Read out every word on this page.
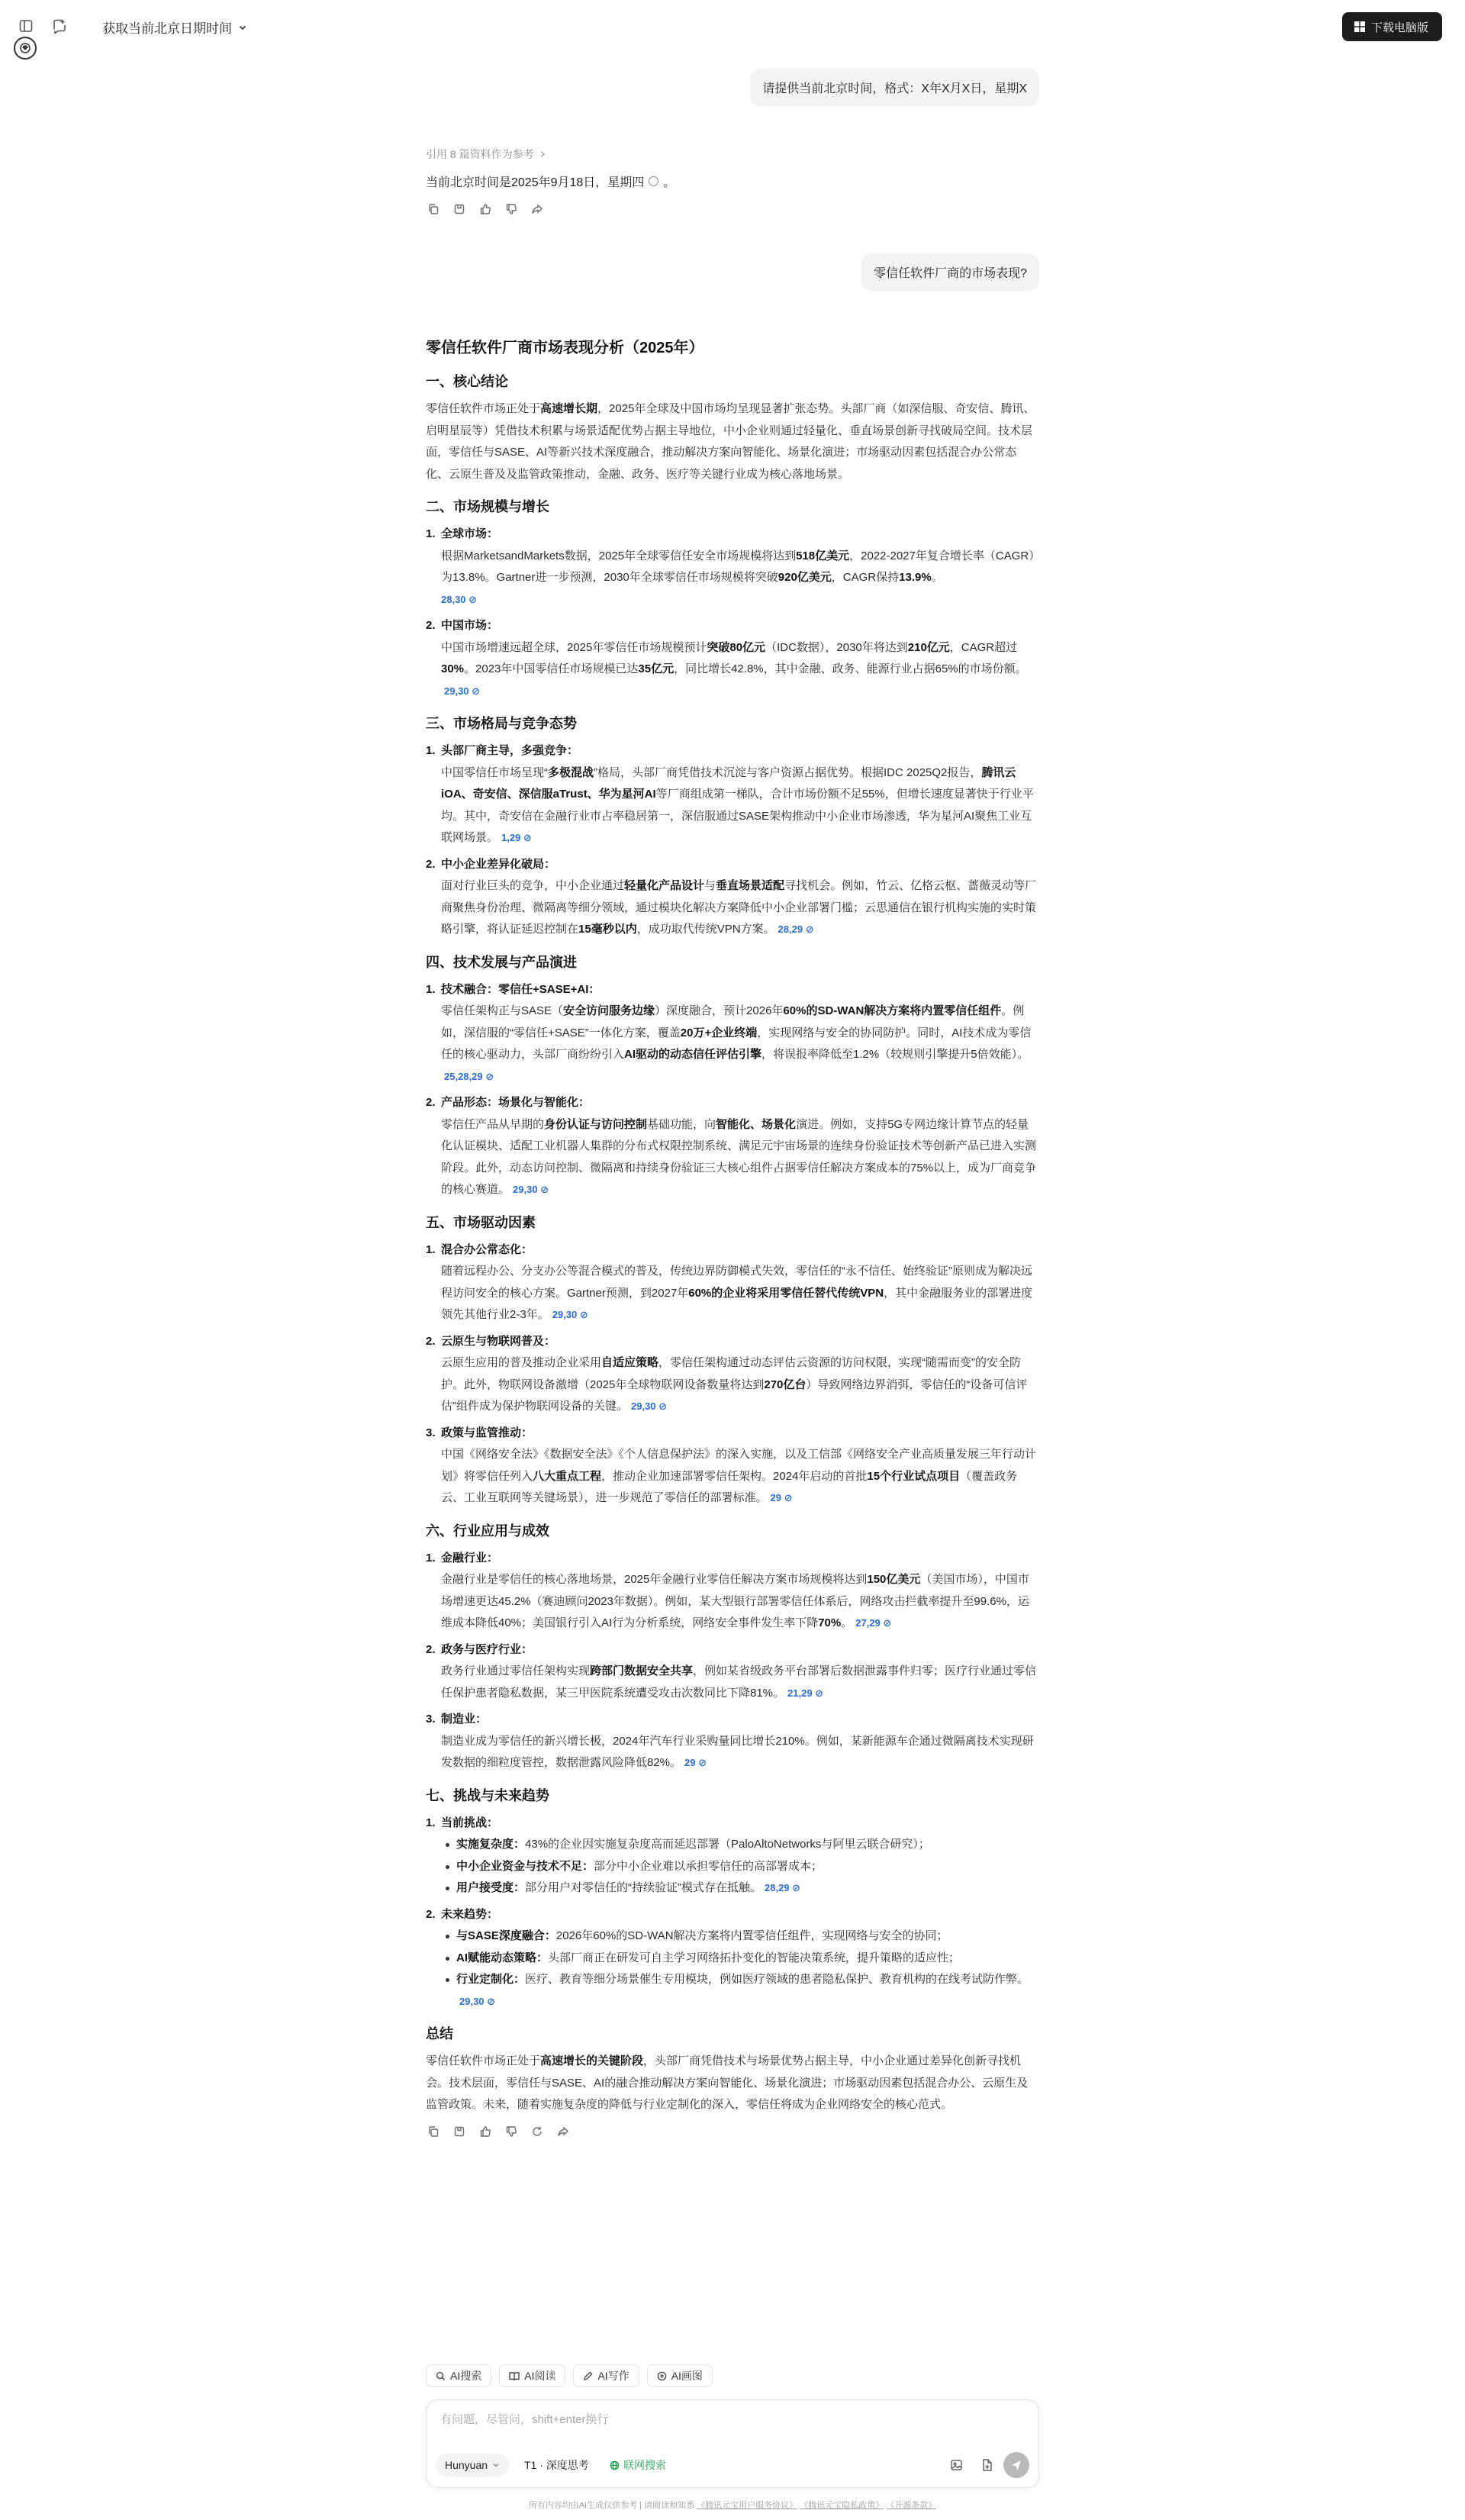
获取当前北京日期时间	下载电脑版
请提供当前北京时间，格式：X年X月X日，星期X
引用 8 篇资料作为参考
当前北京时间是2025年9月18日，星期四 。
零信任软件厂商的市场表现?
零信任软件厂商市场表现分析（2025年）
一、核心结论

零信任软件市场正处于高速增长期，2025年全球及中国市场均呈现显著扩张态势。头部厂商（如深信服、奇安信、腾讯、启明星辰等）凭借技术积累与场景适配优势占据主导地位，中小企业则通过轻量化、垂直场景创新寻找破局空间。技术层面，零信任与SASE、AI等新兴技术深度融合，推动解决方案向智能化、场景化演进；市场驱动因素包括混合办公常态化、云原生普及及监管政策推动，金融、政务、医疗等关键行业成为核心落地场景。

二、市场规模与增长
1. 全球市场：
根据MarketsandMarkets数据，2025年全球零信任安全市场规模将达到518亿美元，2022-2027年复合增长率（CAGR）为13.8%。Gartner进一步预测，2030年全球零信任市场规模将突破920亿美元，CAGR保持13.9%。
28,30 ⊘
2. 中国市场：
中国市场增速远超全球，2025年零信任市场规模预计突破80亿元（IDC数据），2030年将达到210亿元，CAGR超过30%。2023年中国零信任市场规模已达35亿元，同比增长42.8%，其中金融、政务、能源行业占据65%的市场份额。29,30 ⊘
三、市场格局与竞争态势
1. 头部厂商主导，多强竞争：
中国零信任市场呈现“多极混战”格局，头部厂商凭借技术沉淀与客户资源占据优势。根据IDC 2025Q2报告，腾讯云iOA、奇安信、深信服aTrust、华为星河AI等厂商组成第一梯队，合计市场份额不足55%，但增长速度显著快于行业平均。其中，奇安信在金融行业市占率稳居第一，深信服通过SASE架构推动中小企业市场渗透，华为星河AI聚焦工业互联网场景。 1,29 ⊘
2. 中小企业差异化破局：
面对行业巨头的竞争，中小企业通过轻量化产品设计与垂直场景适配寻找机会。例如，竹云、亿格云枢、蔷薇灵动等厂商聚焦身份治理、微隔离等细分领域，通过模块化解决方案降低中小企业部署门槛；云思通信在银行机构实施的实时策略引擎，将认证延迟控制在15毫秒以内，成功取代传统VPN方案。 28,29 ⊘
四、技术发展与产品演进
1. 技术融合：零信任+SASE+AI：
零信任架构正与SASE（安全访问服务边缘）深度融合，预计2026年60%的SD-WAN解决方案将内置零信任组件。例如，深信服的“零信任+SASE”一体化方案，覆盖20万+企业终端，实现网络与安全的协同防护。同时，AI技术成为零信任的核心驱动力，头部厂商纷纷引入AI驱动的动态信任评估引擎，将误报率降低至1.2%（较规则引擎提升5倍效能）。25,28,29 ⊘
2. 产品形态：场景化与智能化：
零信任产品从早期的身份认证与访问控制基础功能，向智能化、场景化演进。例如，支持5G专网边缘计算节点的轻量化认证模块、适配工业机器人集群的分布式权限控制系统、满足元宇宙场景的连续身份验证技术等创新产品已进入实测阶段。此外，动态访问控制、微隔离和持续身份验证三大核心组件占据零信任解决方案成本的75%以上，成为厂商竞争的核心赛道。 29,30 ⊘
五、市场驱动因素
1. 混合办公常态化：
随着远程办公、分支办公等混合模式的普及，传统边界防御模式失效，零信任的“永不信任、始终验证”原则成为解决远程访问安全的核心方案。Gartner预测，到2027年60%的企业将采用零信任替代传统VPN，其中金融服务业的部署进度领先其他行业2-3年。 29,30 ⊘
2. 云原生与物联网普及：
云原生应用的普及推动企业采用自适应策略，零信任架构通过动态评估云资源的访问权限，实现“随需而变”的安全防护。此外，物联网设备激增（2025年全球物联网设备数量将达到270亿台）导致网络边界消弭，零信任的“设备可信评估”组件成为保护物联网设备的关键。 29,30 ⊘
3. 政策与监管推动：
中国《网络安全法》《数据安全法》《个人信息保护法》的深入实施，以及工信部《网络安全产业高质量发展三年行动计划》将零信任列入八大重点工程，推动企业加速部署零信任架构。2024年启动的首批15个行业试点项目（覆盖政务云、工业互联网等关键场景），进一步规范了零信任的部署标准。 29 ⊘
六、行业应用与成效
1. 金融行业：
金融行业是零信任的核心落地场景，2025年金融行业零信任解决方案市场规模将达到150亿美元（美国市场），中国市场增速更达45.2%（赛迪顾问2023年数据）。例如，某大型银行部署零信任体系后，网络攻击拦截率提升至99.6%，运维成本降低40%；美国银行引入AI行为分析系统，网络安全事件发生率下降70%。 27,29 ⊘
2. 政务与医疗行业：
政务行业通过零信任架构实现跨部门数据安全共享，例如某省级政务平台部署后数据泄露事件归零；医疗行业通过零信任保护患者隐私数据，某三甲医院系统遭受攻击次数同比下降81%。 21,29 ⊘
3. 制造业：
制造业成为零信任的新兴增长极，2024年汽车行业采购量同比增长210%。例如，某新能源车企通过微隔离技术实现研发数据的细粒度管控，数据泄露风险降低82%。 29 ⊘
七、挑战与未来趋势
1. 当前挑战：
实施复杂度：43%的企业因实施复杂度高而延迟部署（PaloAltoNetworks与阿里云联合研究）；
中小企业资金与技术不足：部分中小企业难以承担零信任的高部署成本；
用户接受度：部分用户对零信任的“持续验证”模式存在抵触。 28,29 ⊘
2. 未来趋势：
与SASE深度融合：2026年60%的SD-WAN解决方案将内置零信任组件，实现网络与安全的协同；
AI赋能动态策略：头部厂商正在研发可自主学习网络拓扑变化的智能决策系统，提升策略的适应性；
行业定制化：医疗、教育等细分场景催生专用模块，例如医疗领域的患者隐私保护、教育机构的在线考试防作弊。29,30 ⊘
总结

零信任软件市场正处于高速增长的关键阶段，头部厂商凭借技术与场景优势占据主导，中小企业通过差异化创新寻找机会。技术层面，零信任与SASE、AI的融合推动解决方案向智能化、场景化演进；市场驱动因素包括混合办公、云原生及监管政策。未来，随着实施复杂度的降低与行业定制化的深入，零信任将成为企业网络安全的核心范式。

AI搜索	AI阅读	AI写作	AI画图
有问题，尽管问，shift+enter换行
Hunyuan	T1 · 深度思考	联网搜索
所有内容均由AI生成仅供参考 | 请阅读和知悉 《腾讯元宝用户服务协议》 《腾讯元宝隐私政策》 《开源条款》
